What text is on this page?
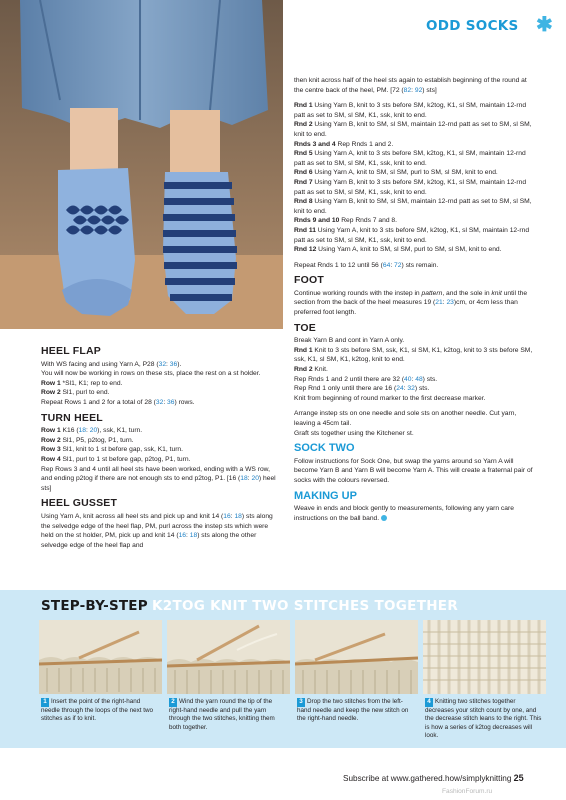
ODD SOCKS ✱
HEEL FLAP

With WS facing and using Yarn A, P28 (32: 36).

You will now be working in rows on these sts, place the rest on a st holder.

Row 1 *Sl1, K1; rep to end.

Row 2 Sl1, purl to end.

Repeat Rows 1 and 2 for a total of 28 (32: 36) rows.

TURN HEEL

Row 1 K16 (18: 20), ssk, K1, turn.

Row 2 Sl1, P5, p2tog, P1, turn.

Row 3 Sl1, knit to 1 st before gap, ssk, K1, turn.

Row 4 Sl1, purl to 1 st before gap, p2tog, P1, turn.

Rep Rows 3 and 4 until all heel sts have been worked, ending with a WS row, and ending p2tog if there are not enough sts to end p2tog, P1. [16 (18: 20) heel sts]

HEEL GUSSET

Using Yarn A, knit across all heel sts and pick up and knit 14 (16: 18) sts along the selvedge edge of the heel flap, PM, purl across the instep sts which were held on the st holder, PM, pick up and knit 14 (16: 18) sts along the other selvedge edge of the heel flap and

then knit across half of the heel sts again to establish beginning of the round at the centre back of the heel, PM. [72 (82: 92) sts]

Rnd 1 Using Yarn B, knit to 3 sts before SM, k2tog, K1, sl SM, maintain 12-rnd patt as set to SM, sl SM, K1, ssk, knit to end.

Rnd 2 Using Yarn B, knit to SM, sl SM, maintain 12-rnd patt as set to SM, sl SM, knit to end.

Rnds 3 and 4 Rep Rnds 1 and 2.

Rnd 5 Using Yarn A, knit to 3 sts before SM, k2tog, K1, sl SM, maintain 12-rnd patt as set to SM, sl SM, K1, ssk, knit to end.

Rnd 6 Using Yarn A, knit to SM, sl SM, purl to SM, sl SM, knit to end.

Rnd 7 Using Yarn B, knit to 3 sts before SM, k2tog, K1, sl SM, maintain 12-rnd patt as set to SM, sl SM, K1, ssk, knit to end.

Rnd 8 Using Yarn B, knit to SM, sl SM, maintain 12-rnd patt as set to SM, sl SM, knit to end.

Rnds 9 and 10 Rep Rnds 7 and 8.

Rnd 11 Using Yarn A, knit to 3 sts before SM, k2tog, K1, sl SM, maintain 12-rnd patt as set to SM, sl SM, K1, ssk, knit to end.

Rnd 12 Using Yarn A, knit to SM, sl SM, purl to SM, sl SM, knit to end.

Repeat Rnds 1 to 12 until 56 (64: 72) sts remain.

FOOT

Continue working rounds with the instep in pattern, and the sole in knit until the section from the back of the heel measures 19 (21: 23)cm, or 4cm less than preferred foot length.

TOE

Break Yarn B and cont in Yarn A only.

Rnd 1 Knit to 3 sts before SM, ssk, K1, sl SM, K1, k2tog, knit to 3 sts before SM, ssk, K1, sl SM, K1, k2tog, knit to end.

Rnd 2 Knit.

Rep Rnds 1 and 2 until there are 32 (40: 48) sts.

Rep Rnd 1 only until there are 16 (24: 32) sts.

Knit from beginning of round marker to the first decrease marker.

Arrange instep sts on one needle and sole sts on another needle. Cut yarn, leaving a 45cm tail.

Graft sts together using the Kitchener st.

SOCK TWO

Follow instructions for Sock One, but swap the yarns around so Yarn A will become Yarn B and Yarn B will become Yarn A. This will create a fraternal pair of socks with the colours reversed.

MAKING UP

Weave in ends and block gently to measurements, following any yarn care instructions on the ball band.

STEP-BY-STEP K2TOG KNIT TWO STITCHES TOGETHER
1 Insert the point of the right-hand needle through the loops of the next two stitches as if to knit.
2 Wind the yarn round the tip of the right-hand needle and pull the yarn through the two stitches, knitting them both together.
3 Drop the two stitches from the left-hand needle and keep the new stitch on the right-hand needle.
4 Knitting two stitches together decreases your stitch count by one, and the decrease stitch leans to the right. This is how a series of k2tog decreases will look.
Subscribe at www.gathered.how/simplyknitting 25
FashionForum.ru
